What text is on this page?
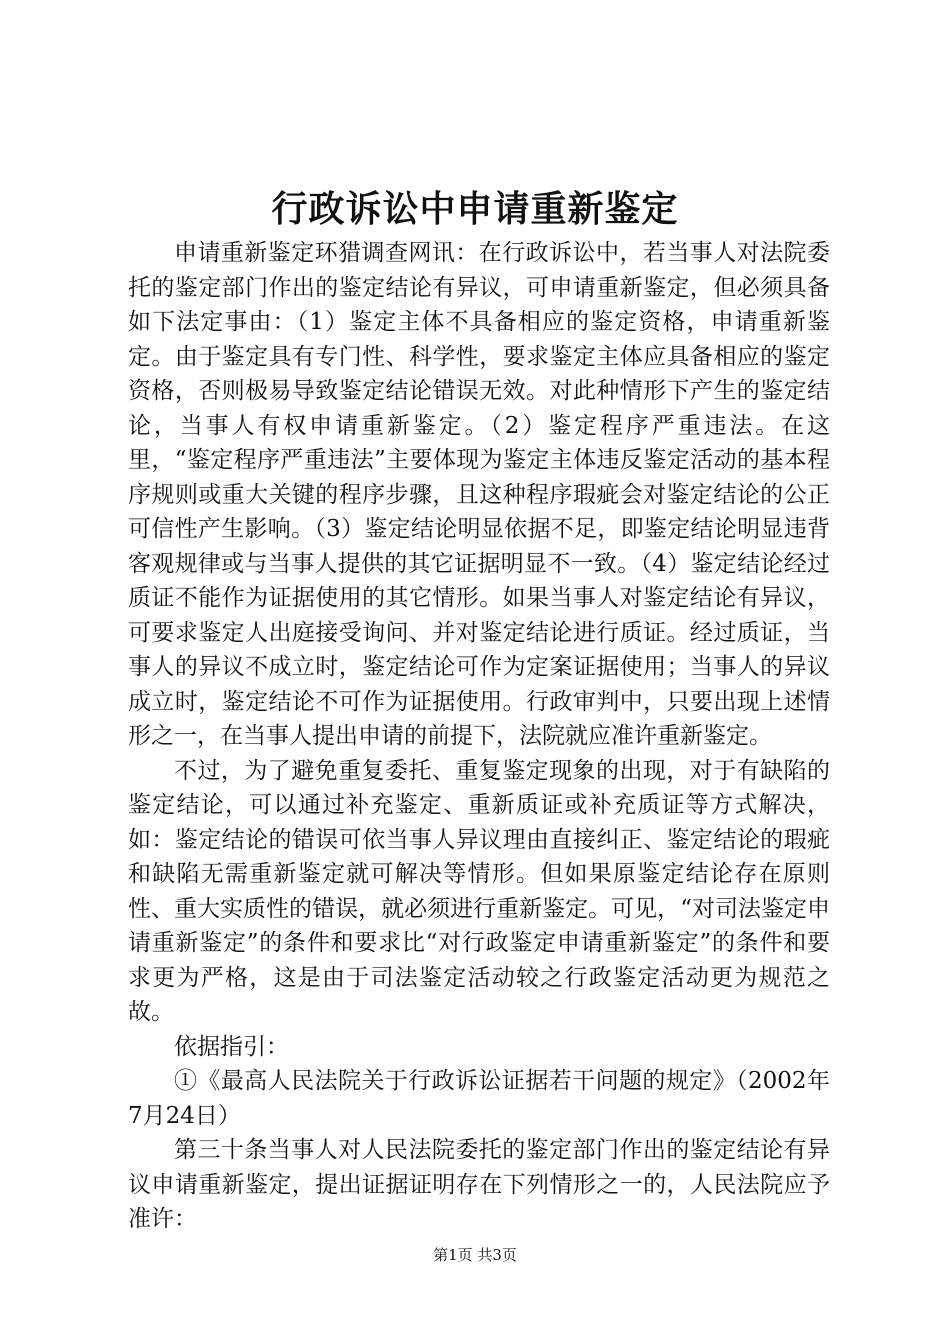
行政诉讼中申请重新鉴定

申请重新鉴定环猎调查网讯：在行政诉讼中，若当事人对法院委托的鉴定部门作出的鉴定结论有异议，可申请重新鉴定，但必须具备如下法定事由：（1）鉴定主体不具备相应的鉴定资格，申请重新鉴定。由于鉴定具有专门性、科学性，要求鉴定主体应具备相应的鉴定资格，否则极易导致鉴定结论错误无效。对此种情形下产生的鉴定结论，当事人有权申请重新鉴定。（2）鉴定程序严重违法。在这里，“鉴定程序严重违法”主要体现为鉴定主体违反鉴定活动的基本程序规则或重大关键的程序步骤，且这种程序瑕疵会对鉴定结论的公正可信性产生影响。（3）鉴定结论明显依据不足，即鉴定结论明显违背客观规律或与当事人提供的其它证据明显不一致。（4）鉴定结论经过质证不能作为证据使用的其它情形。如果当事人对鉴定结论有异议，可要求鉴定人出庭接受询问、并对鉴定结论进行质证。经过质证，当事人的异议不成立时，鉴定结论可作为定案证据使用；当事人的异议成立时，鉴定结论不可作为证据使用。行政审判中，只要出现上述情形之一，在当事人提出申请的前提下，法院就应准许重新鉴定。

不过，为了避免重复委托、重复鉴定现象的出现，对于有缺陷的鉴定结论，可以通过补充鉴定、重新质证或补充质证等方式解决，如：鉴定结论的错误可依当事人异议理由直接纠正、鉴定结论的瑕疵和缺陷无需重新鉴定就可解决等情形。但如果原鉴定结论存在原则性、重大实质性的错误，就必须进行重新鉴定。可见，“对司法鉴定申请重新鉴定”的条件和要求比“对行政鉴定申请重新鉴定”的条件和要求更为严格，这是由于司法鉴定活动较之行政鉴定活动更为规范之故。

依据指引：

①《最高人民法院关于行政诉讼证据若干问题的规定》（2002年7月24日）

第三十条当事人对人民法院委托的鉴定部门作出的鉴定结论有异议申请重新鉴定，提出证据证明存在下列情形之一的，人民法院应予准许：

第1页 共3页
